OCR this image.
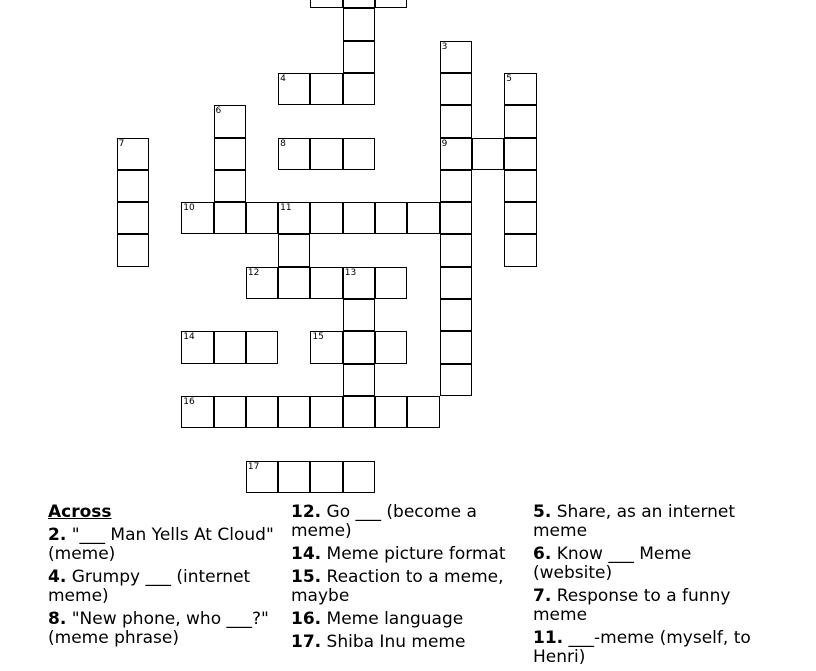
3
4	5
6
7	8	9
10	11
12	13
14	15
16
17
Across

2. "___ Man Yells At Cloud" (meme)

4. Grumpy ___ (internet meme)

8. "New phone, who ___?" (meme phrase)

12. Go ___ (become a meme)

14. Meme picture format

15. Reaction to a meme, maybe

16. Meme language

17. Shiba Inu meme

5. Share, as an internet meme

6. Know ___ Meme (website)

7. Response to a funny meme

11. ___-meme (myself, to Henri)
